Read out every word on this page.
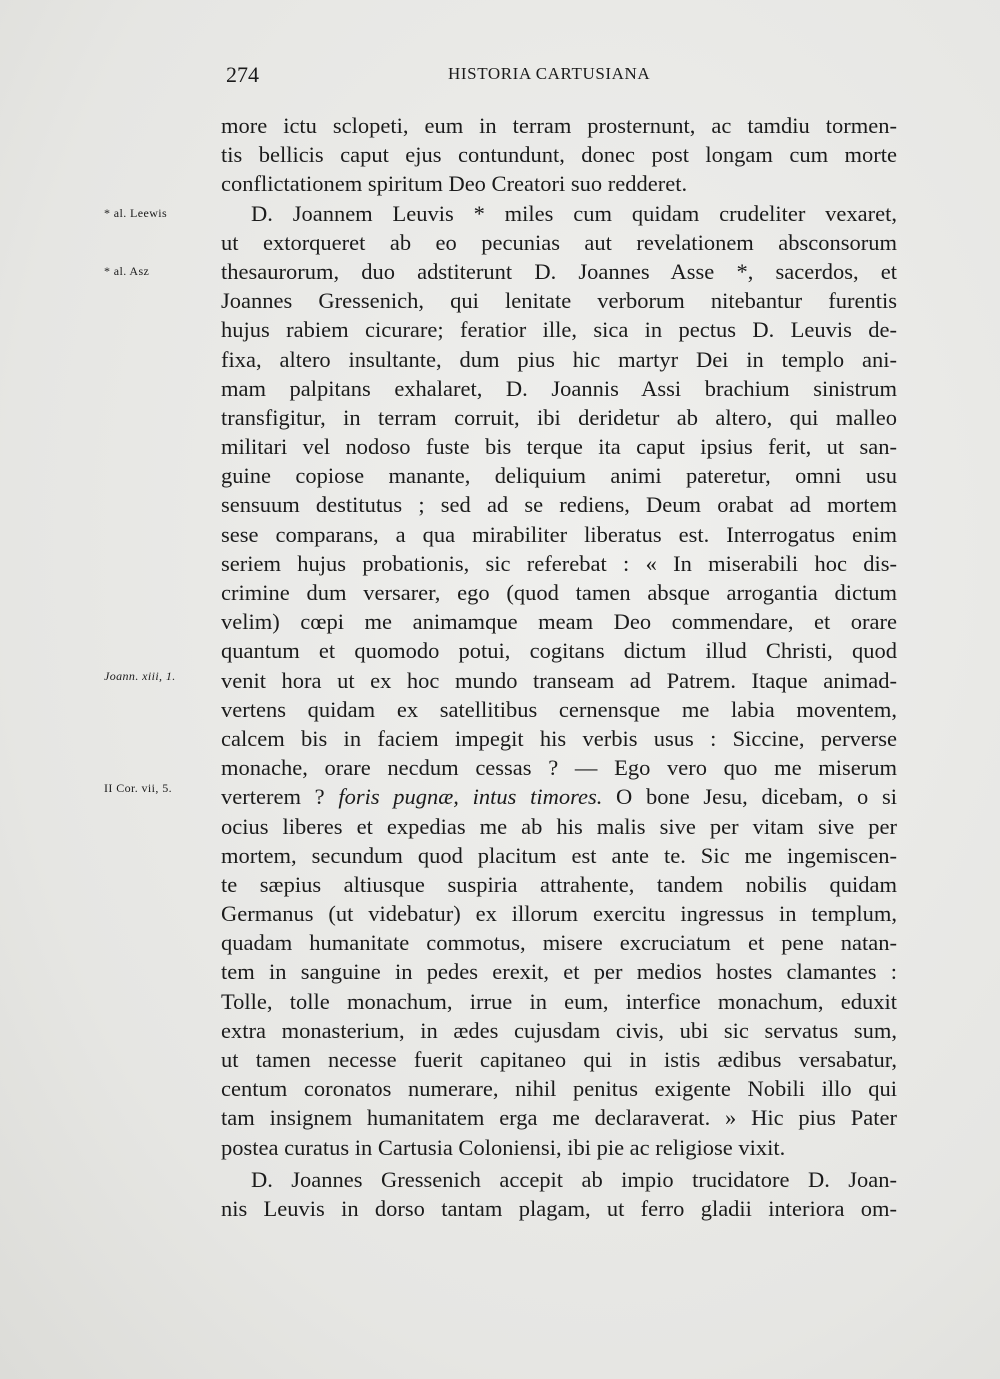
274	HISTORIA CARTUSIANA
* al. Leewis
* al. Asz
Joann. xiii, 1.
II Cor. vii, 5.
more ictu sclopeti, eum in terram prosternunt, ac tamdiu tormen-
tis bellicis caput ejus contundunt, donec post longam cum morte
conflictationem spiritum Deo Creatori suo redderet.
D. Joannem Leuvis * miles cum quidam crudeliter vexaret,
ut extorqueret ab eo pecunias aut revelationem absconsorum
thesaurorum, duo adstiterunt D. Joannes Asse *, sacerdos, et
Joannes Gressenich, qui lenitate verborum nitebantur furentis
hujus rabiem cicurare; feratior ille, sica in pectus D. Leuvis de-
fixa, altero insultante, dum pius hic martyr Dei in templo ani-
mam palpitans exhalaret, D. Joannis Assi brachium sinistrum
transfigitur, in terram corruit, ibi deridetur ab altero, qui malleo
militari vel nodoso fuste bis terque ita caput ipsius ferit, ut san-
guine copiose manante, deliquium animi pateretur, omni usu
sensuum destitutus ; sed ad se rediens, Deum orabat ad mortem
sese comparans, a qua mirabiliter liberatus est. Interrogatus enim
seriem hujus probationis, sic referebat : « In miserabili hoc dis-
crimine dum versarer, ego (quod tamen absque arrogantia dictum
velim) cœpi me animamque meam Deo commendare, et orare
quantum et quomodo potui, cogitans dictum illud Christi, quod
venit hora ut ex hoc mundo transeam ad Patrem. Itaque animad-
vertens quidam ex satellitibus cernensque me labia moventem,
calcem bis in faciem impegit his verbis usus : Siccine, perverse
monache, orare necdum cessas ? — Ego vero quo me miserum
verterem ? foris pugnæ, intus timores. O bone Jesu, dicebam, o si
ocius liberes et expedias me ab his malis sive per vitam sive per
mortem, secundum quod placitum est ante te. Sic me ingemiscen-
te sæpius altiusque suspiria attrahente, tandem nobilis quidam
Germanus (ut videbatur) ex illorum exercitu ingressus in templum,
quadam humanitate commotus, misere excruciatum et pene natan-
tem in sanguine in pedes erexit, et per medios hostes clamantes :
Tolle, tolle monachum, irrue in eum, interfice monachum, eduxit
extra monasterium, in ædes cujusdam civis, ubi sic servatus sum,
ut tamen necesse fuerit capitaneo qui in istis ædibus versabatur,
centum coronatos numerare, nihil penitus exigente Nobili illo qui
tam insignem humanitatem erga me declaraverat. » Hic pius Pater
postea curatus in Cartusia Coloniensi, ibi pie ac religiose vixit.
D. Joannes Gressenich accepit ab impio trucidatore D. Joan-
nis Leuvis in dorso tantam plagam, ut ferro gladii interiora om-
